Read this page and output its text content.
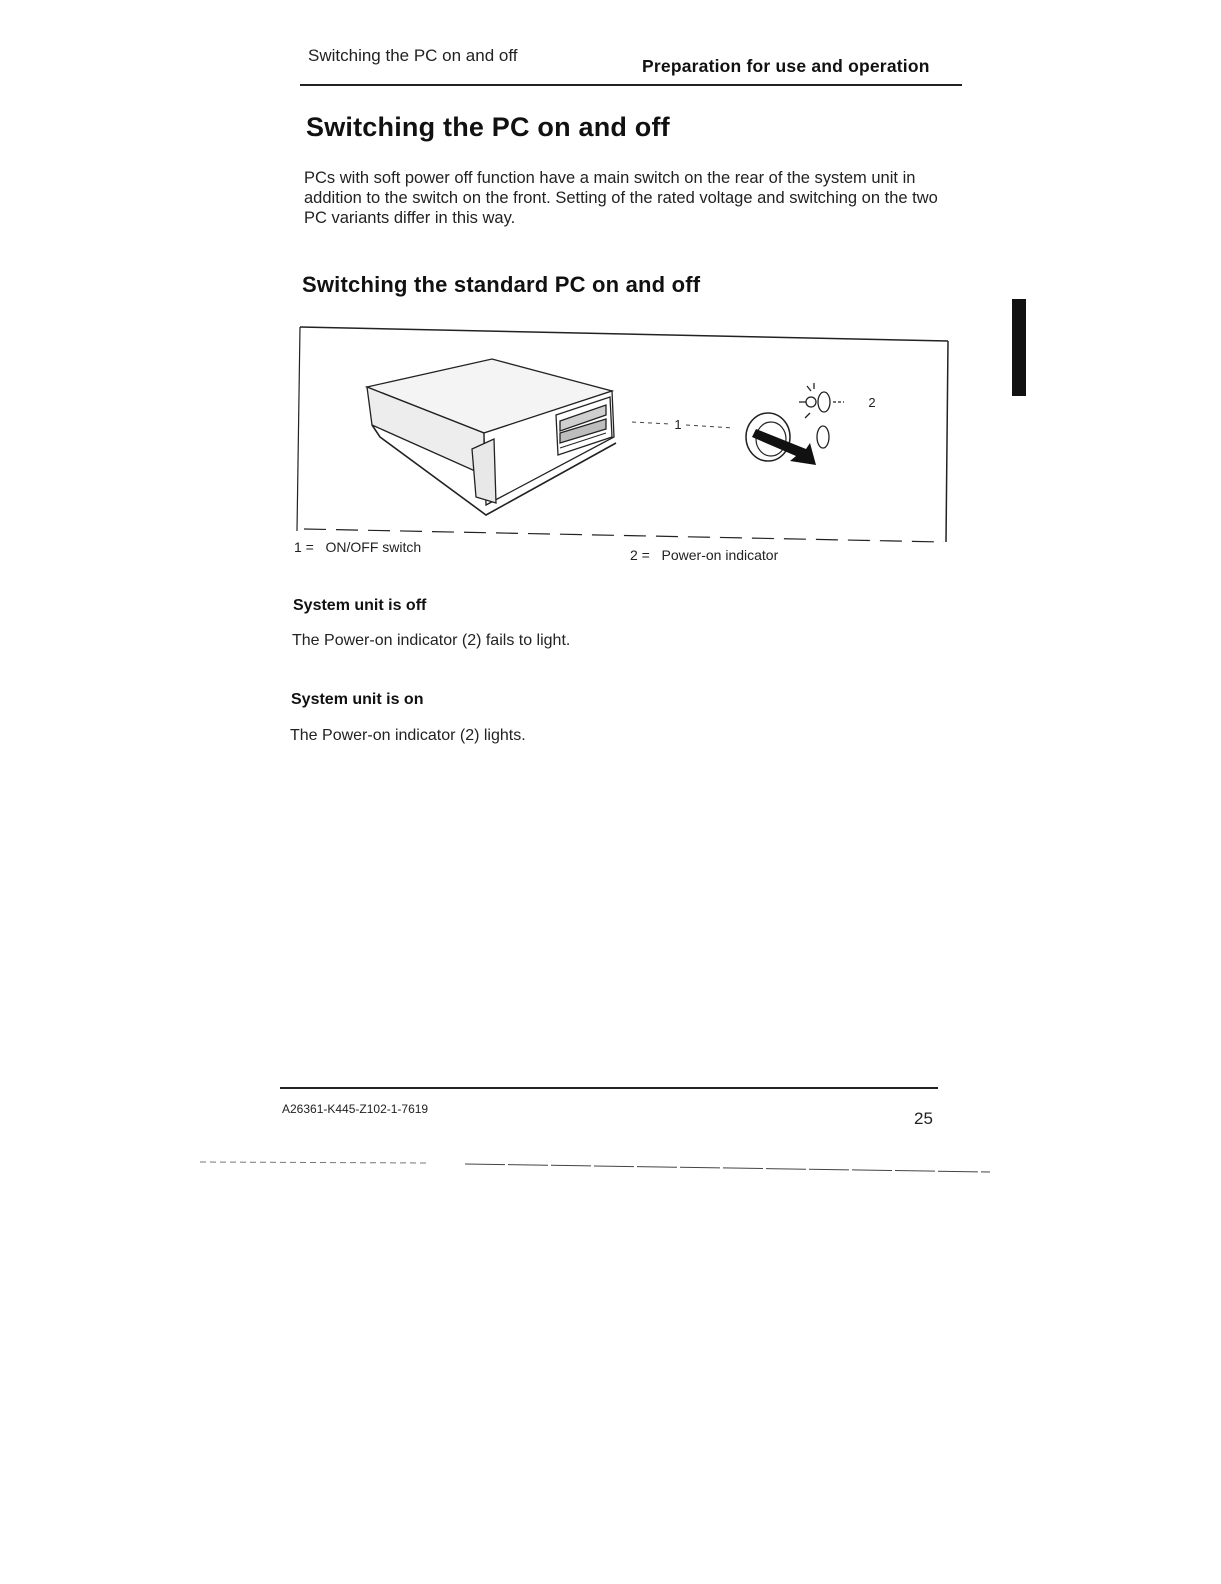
Switching the PC on and off
Preparation for use and operation
Switching the PC on and off
PCs with soft power off function have a main switch on the rear of the system unit in addition to the switch on the front. Setting of the rated voltage and switching on the two PC variants differ in this way.
Switching the standard PC on and off
1
2
1 =   ON/OFF switch	2 =   Power-on indicator
System unit is off
The Power-on indicator (2) fails to light.
System unit is on
The Power-on indicator (2) lights.
A26361-K445-Z102-1-7619	25
